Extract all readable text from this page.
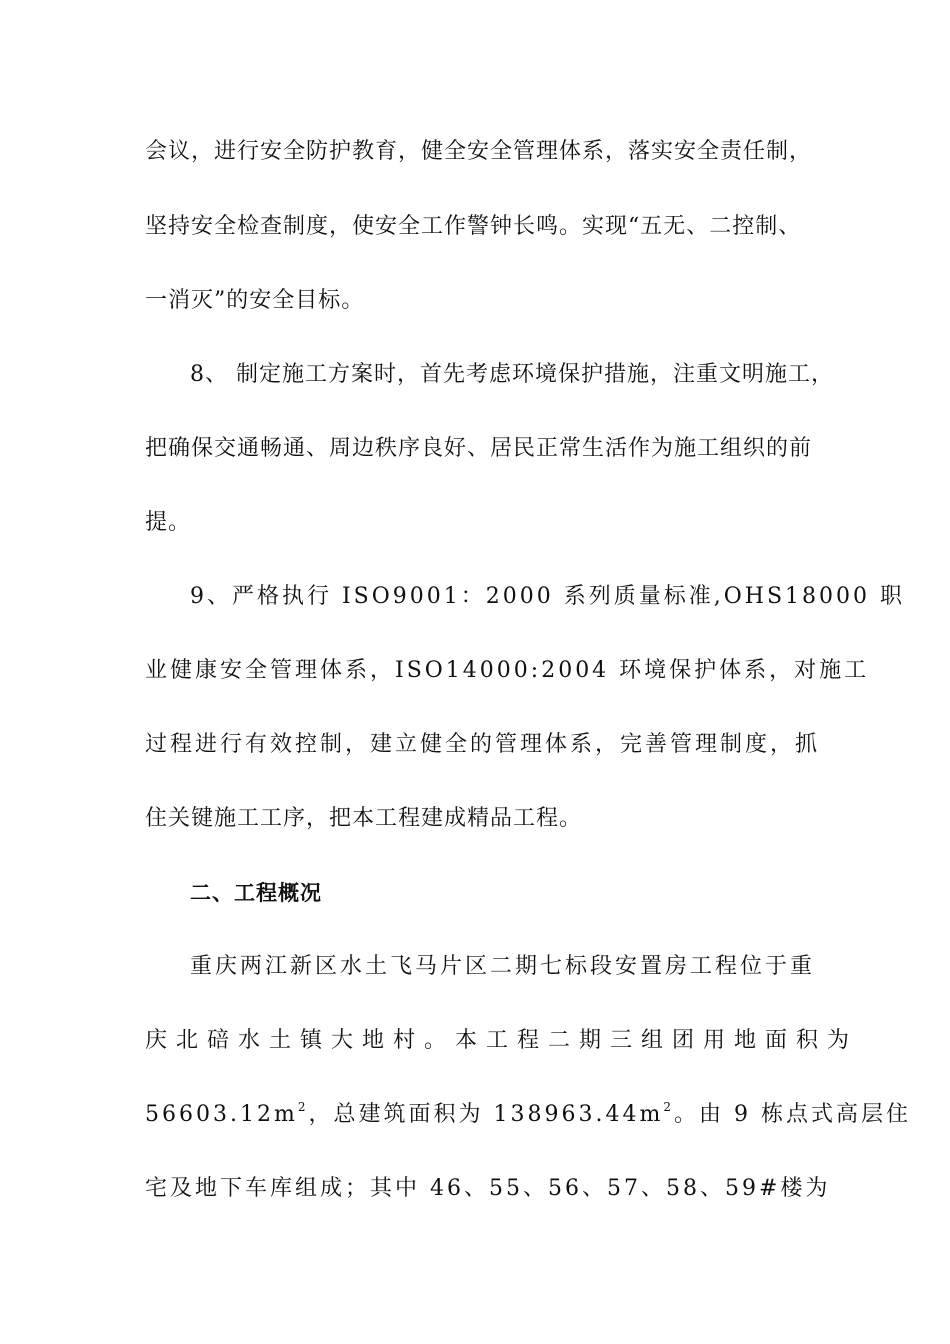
会议，进行安全防护教育，健全安全管理体系，落实安全责任制，
坚持安全检查制度，使安全工作警钟长鸣。实现“五无、二控制、
一消灭”的安全目标。
8、 制定施工方案时，首先考虑环境保护措施，注重文明施工，
把确保交通畅通、周边秩序良好、居民正常生活作为施工组织的前
提。
9、严格执行 ISO9001：2000 系列质量标准,OHS18000 职
业健康安全管理体系，ISO14000:2004 环境保护体系，对施工
过程进行有效控制，建立健全的管理体系，完善管理制度，抓
住关键施工工序，把本工程建成精品工程。
二、工程概况
重庆两江新区水土飞马片区二期七标段安置房工程位于重
庆北碚水土镇大地村。本工程二期三组团用地面积为
$56603.12m^2$，总建筑面积为 $138963.44m^2$。由 9 栋点式高层住
宅及地下车库组成；其中 46、55、56、57、58、59#楼为
